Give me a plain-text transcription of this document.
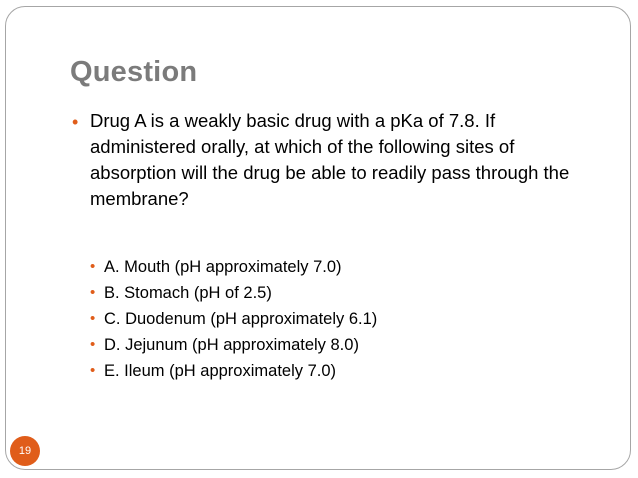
Question
• Drug A is a weakly basic drug with a pKa of 7.8. If administered orally, at which of the following sites of absorption will the drug be able to readily pass through the membrane?

• A. Mouth (pH approximately 7.0)
• B. Stomach (pH of 2.5)
• C. Duodenum (pH approximately 6.1)
• D. Jejunum (pH approximately 8.0)
• E. Ileum (pH approximately 7.0)
19
